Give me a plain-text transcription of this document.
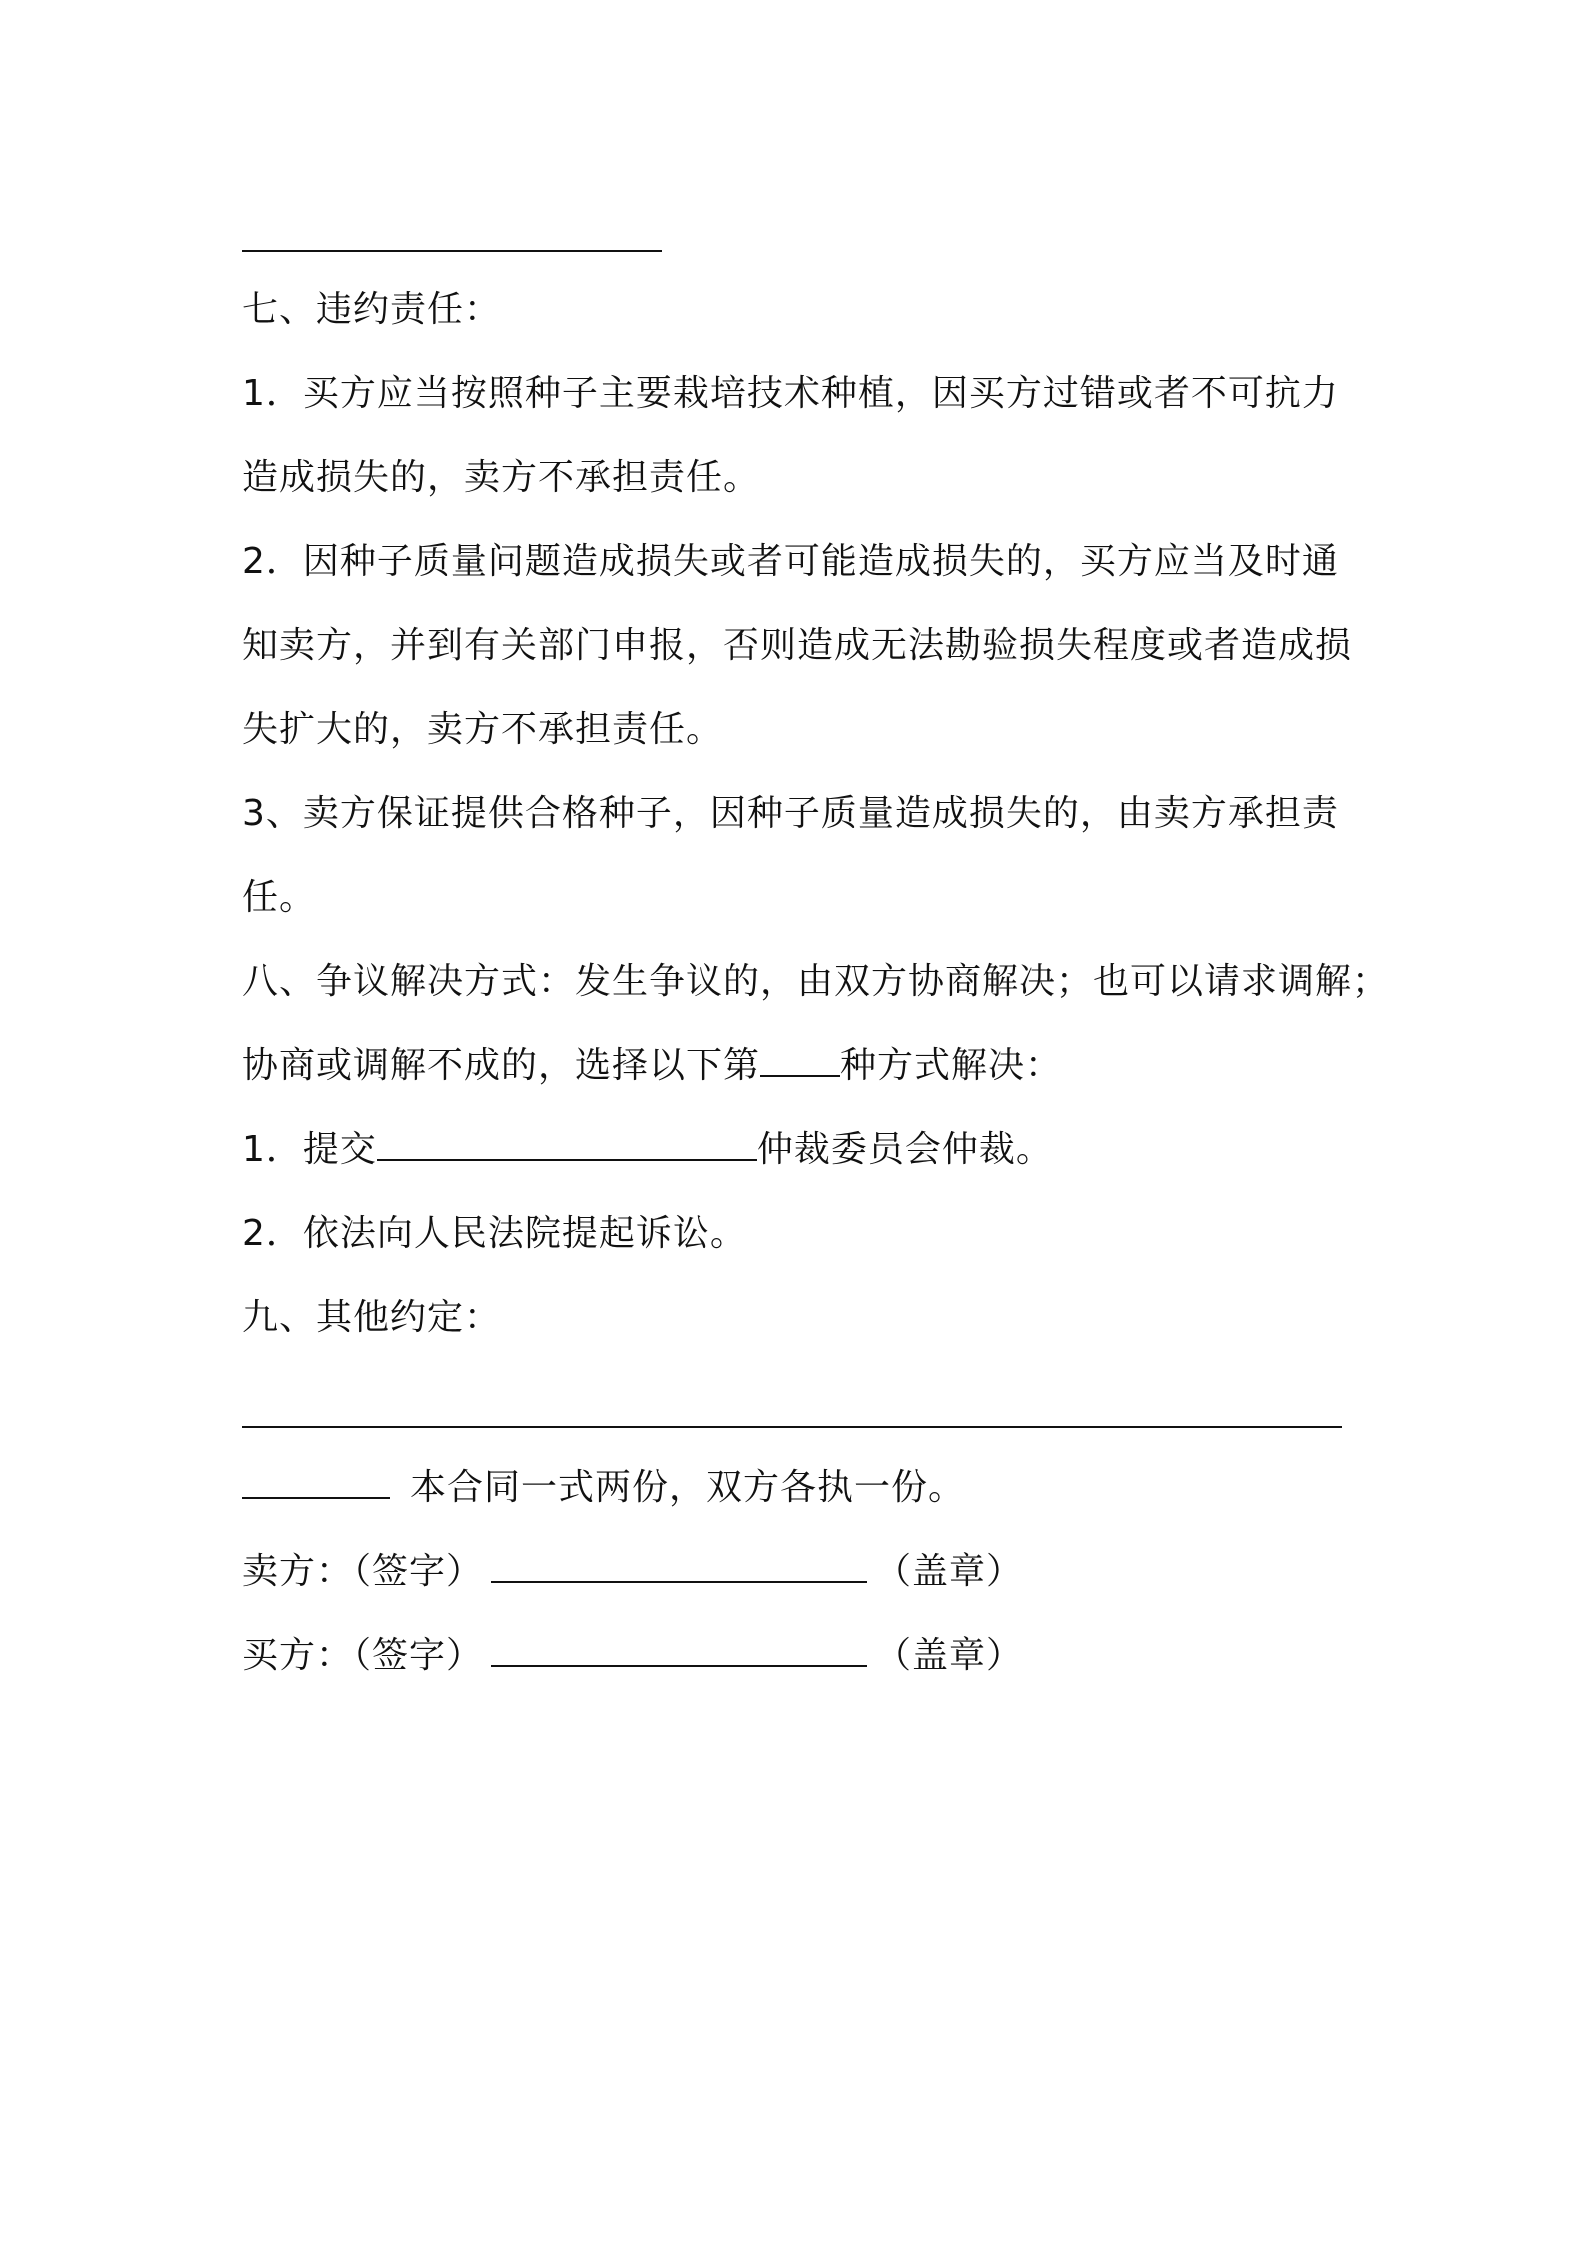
七、违约责任：
1．买方应当按照种子主要栽培技术种植，因买方过错或者不可抗力
造成损失的，卖方不承担责任。
2．因种子质量问题造成损失或者可能造成损失的，买方应当及时通
知卖方，并到有关部门申报，否则造成无法勘验损失程度或者造成损
失扩大的，卖方不承担责任。
3、卖方保证提供合格种子，因种子质量造成损失的，由卖方承担责
任。
八、争议解决方式：发生争议的，由双方协商解决；也可以请求调解；
协商或调解不成的，选择以下第 种方式解决：
1．提交	仲裁委员会仲裁。
2．依法向人民法院提起诉讼。
九、其他约定：
本合同一式两份，双方各执一份。
卖方：（签字）	（盖章）
买方：（签字）	（盖章）
